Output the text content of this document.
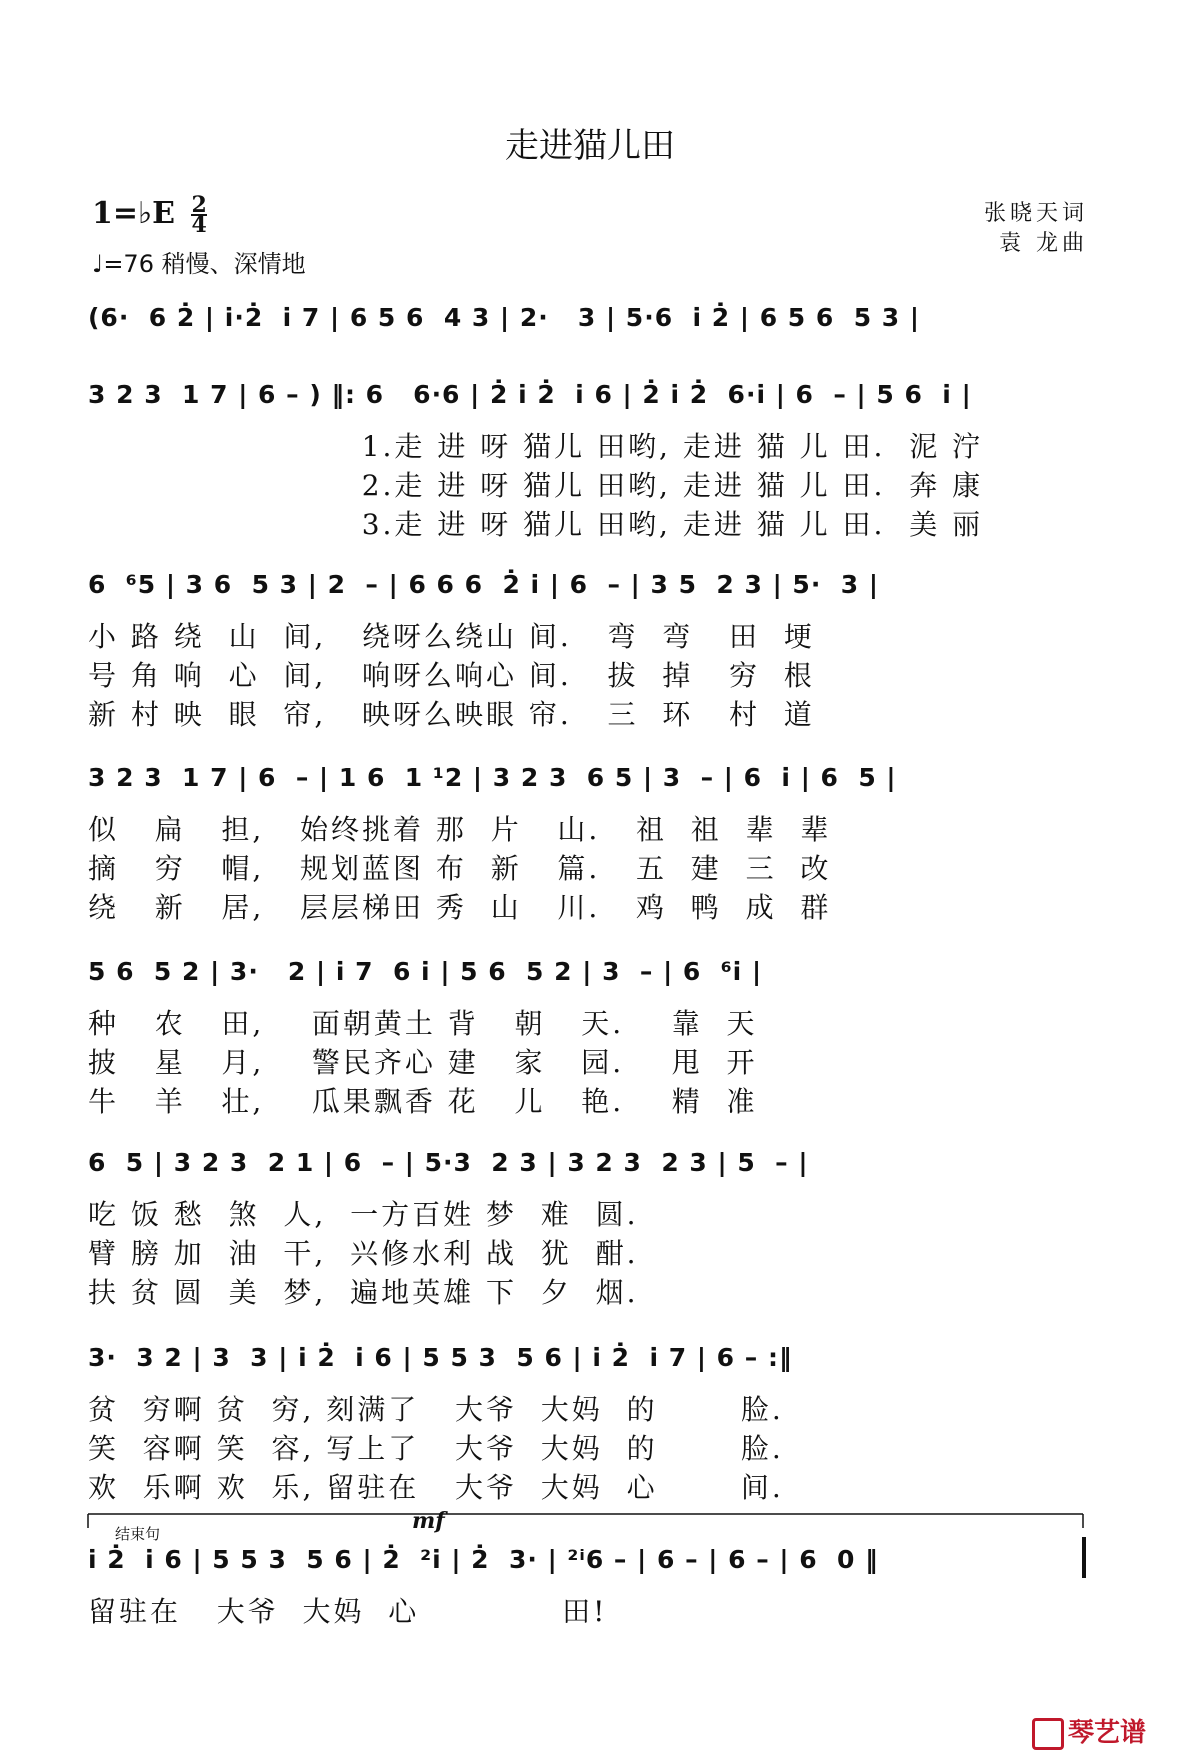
走进猫儿田
1=♭E $\frac{2}{4}$
♩=76 稍慢、深情地
张晓天词
袁 龙曲
(6·  6 2̇ | i̇·2̇  i̇ 7 | 6 5 6  4 3 | 2·   3 | 5·6  i̇ 2̇ | 6 5 6  5 3 |
3 2 3  1 7 | 6 – ) ‖: 6   6·6 | 2̇ i̇ 2̇  i̇ 6 | 2̇ i̇ 2̇  6·i̇ | 6  – | 5 6  i̇ |
1.走 进 呀 猫儿 田哟, 走进 猫 儿 田.  泥 泞
2.走 进 呀 猫儿 田哟, 走进 猫 儿 田.  奔 康
3.走 进 呀 猫儿 田哟, 走进 猫 儿 田.  美 丽
6  ⁶5 | 3 6  5 3 | 2  – | 6 6 6  2̇ i̇ | 6  – | 3 5  2 3 | 5·  3 |
小 路 绕  山  间,   绕呀么绕山 间.   弯  弯   田  埂
号 角 响  心  间,   响呀么响心 间.   拔  掉   穷  根
新 村 映  眼  帘,   映呀么映眼 帘.   三  环   村  道
3 2 3  1 7 | 6  – | 1 6  1 ¹2 | 3 2 3  6 5 | 3  – | 6  i̇ | 6  5 |
似   扁   担,   始终挑着 那  片   山.   祖  祖  辈  辈
摘   穷   帽,   规划蓝图 布  新   篇.   五  建  三  改
绕   新   居,   层层梯田 秀  山   川.   鸡  鸭  成  群
5 6  5 2 | 3·   2 | i̇ 7  6 i̇ | 5 6  5 2 | 3  – | 6  ⁶i̇ |
种   农   田,    面朝黄土 背   朝   天.    靠  天
披   星   月,    警民齐心 建   家   园.    甩  开
牛   羊   壮,    瓜果飘香 花   儿   艳.    精  准
6  5 | 3 2 3  2 1 | 6  – | 5·3  2 3 | 3 2 3  2 3 | 5  – |
吃 饭 愁  煞  人,  一方百姓 梦  难  圆.
臂 膀 加  油  干,  兴修水利 战  犹  酣.
扶 贫 圆  美  梦,  遍地英雄 下  夕  烟.
3·  3 2 | 3  3 | i̇ 2̇  i̇ 6 | 5 5 3  5 6 | i̇ 2̇  i̇ 7 | 6 – :‖
贫  穷啊 贫  穷, 刻满了   大爷  大妈  的       脸.
笑  容啊 笑  容, 写上了   大爷  大妈  的       脸.
欢  乐啊 欢  乐, 留驻在   大爷  大妈  心       间.
结束句	mf
i̇ 2̇  i̇ 6 | 5 5 3  5 6 | 2̇  ²i̇ | 2̇  3· | ²ⁱ6 – | 6 – | 6 – | 6  0 ‖
留驻在   大爷  大妈  心            田!
琴艺谱
